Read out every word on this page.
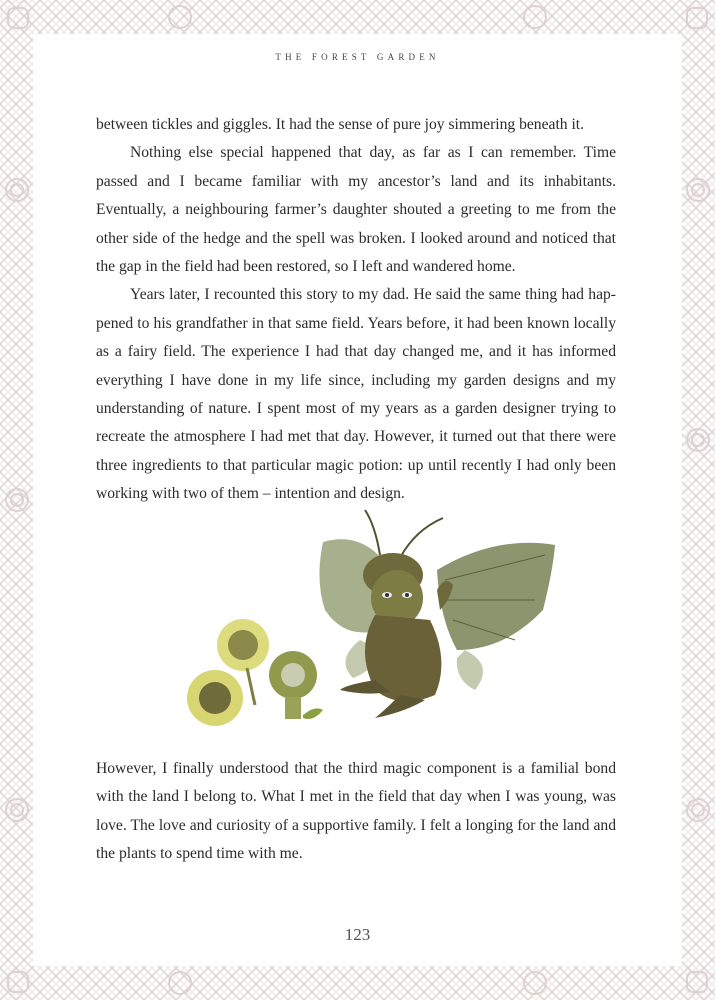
THE FOREST GARDEN

between tickles and giggles. It had the sense of pure joy simmering beneath it.

Nothing else special happened that day, as far as I can remember. Time passed and I became familiar with my ancestor’s land and its inhabitants. Eventually, a neighbouring farmer’s daughter shouted a greeting to me from the other side of the hedge and the spell was broken. I looked around and noticed that the gap in the field had been restored, so I left and wandered home.

Years later, I recounted this story to my dad. He said the same thing had happened to his grandfather in that same field. Years before, it had been known locally as a fairy field. The experience I had that day changed me, and it has informed everything I have done in my life since, including my garden designs and my understanding of nature. I spent most of my years as a garden designer trying to recreate the atmosphere I had met that day. However, it turned out that there were three ingredients to that particular magic potion: up until recently I had only been working with two of them – intention and design.

However, I finally understood that the third magic component is a familial bond with the land I belong to. What I met in the field that day when I was young, was love. The love and curiosity of a supportive family. I felt a longing for the land and the plants to spend time with me.

123
